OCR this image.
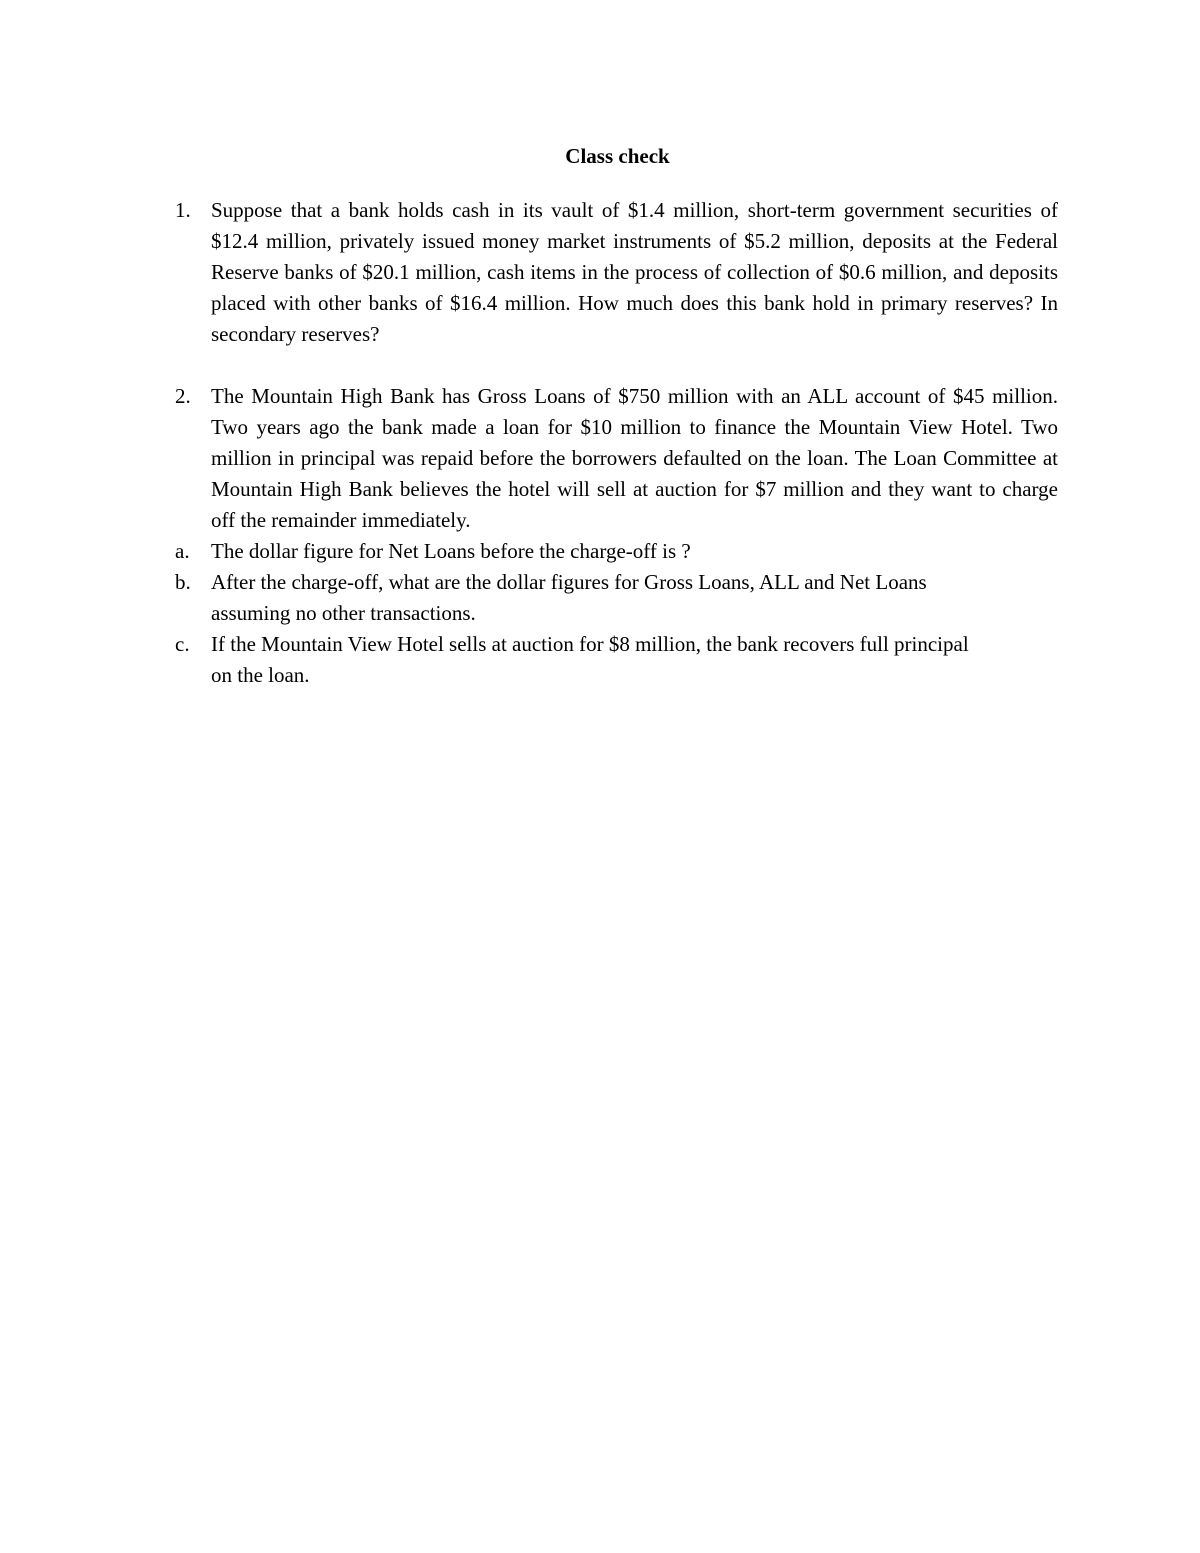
Class check
1. Suppose that a bank holds cash in its vault of $1.4 million, short-term government securities of $12.4 million, privately issued money market instruments of $5.2 million, deposits at the Federal Reserve banks of $20.1 million, cash items in the process of collection of $0.6 million, and deposits placed with other banks of $16.4 million. How much does this bank hold in primary reserves? In secondary reserves?
2. The Mountain High Bank has Gross Loans of $750 million with an ALL account of $45 million. Two years ago the bank made a loan for $10 million to finance the Mountain View Hotel. Two million in principal was repaid before the borrowers defaulted on the loan. The Loan Committee at Mountain High Bank believes the hotel will sell at auction for $7 million and they want to charge off the remainder immediately.
a.	The dollar figure for Net Loans before the charge-off is ?
b. After the charge-off, what are the dollar figures for Gross Loans, ALL and Net Loans assuming no other transactions.
c.	If the Mountain View Hotel sells at auction for $8 million, the bank recovers full principal on the loan.
